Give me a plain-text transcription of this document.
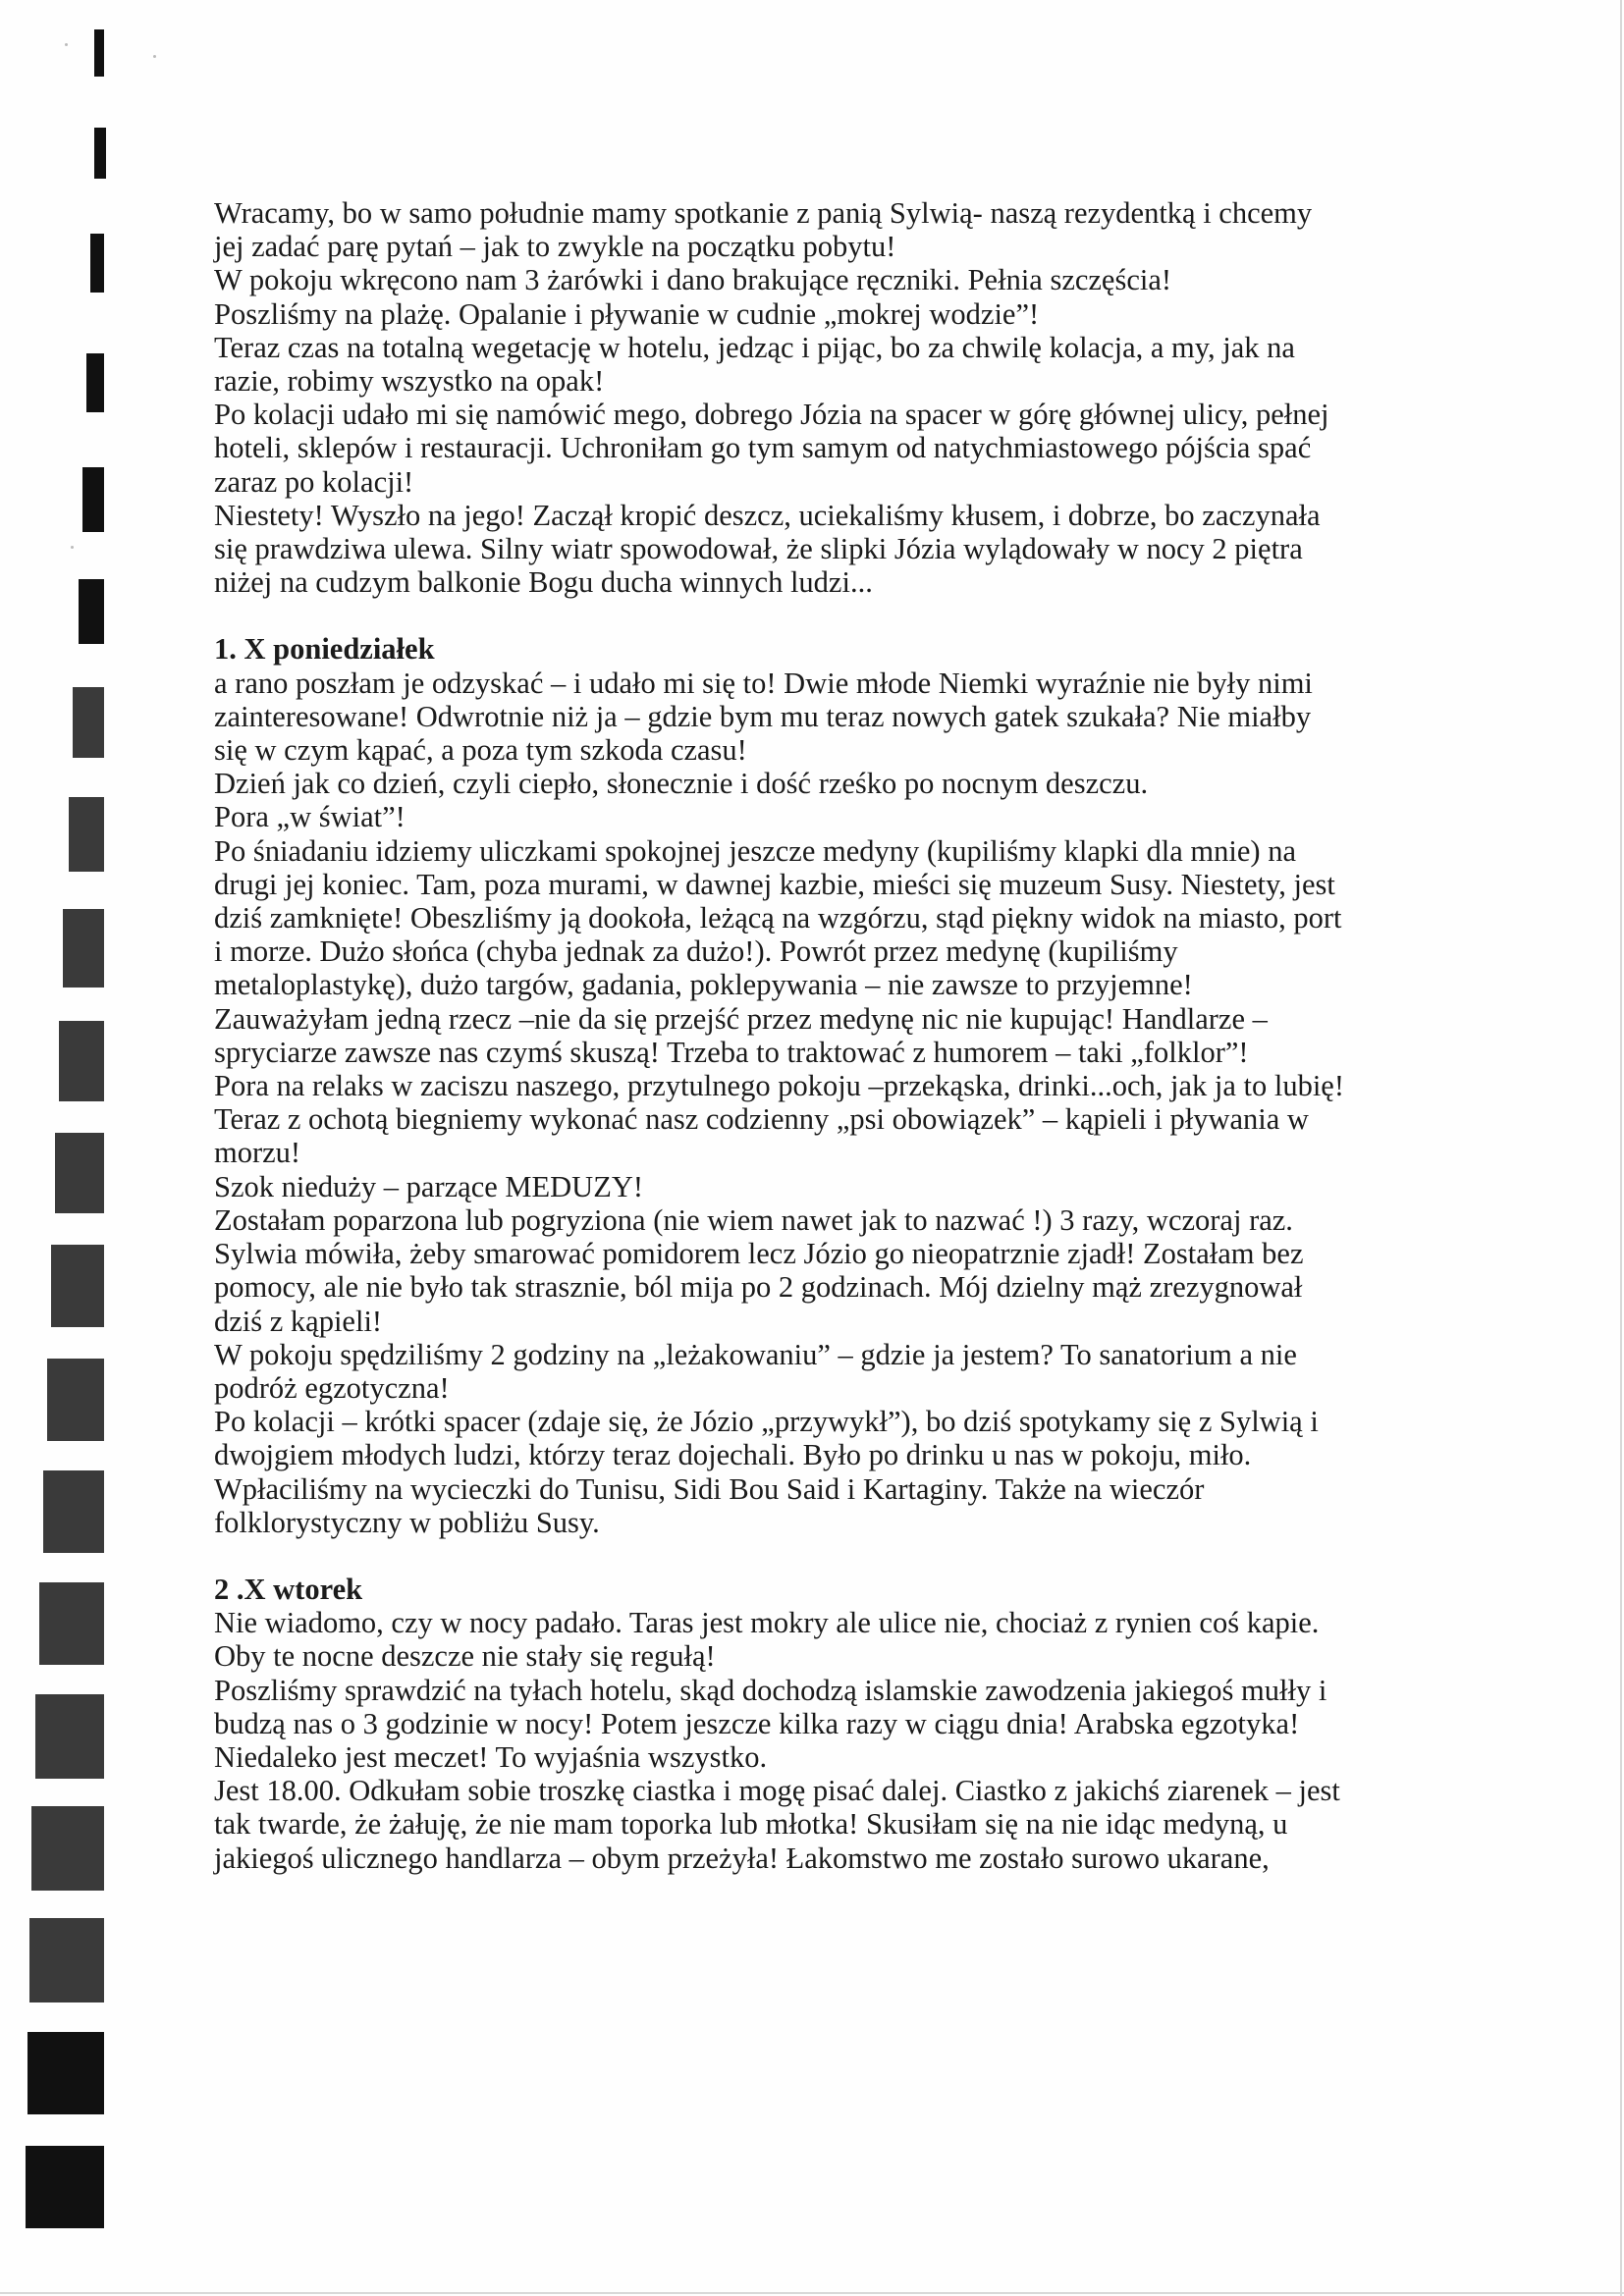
Wracamy, bo w samo południe mamy spotkanie z panią Sylwią- naszą rezydentką i chcemy

jej zadać parę pytań – jak to zwykle na początku pobytu!

W pokoju wkręcono nam 3 żarówki i dano brakujące ręczniki. Pełnia szczęścia!

Poszliśmy na plażę. Opalanie i pływanie w cudnie „mokrej wodzie”!

Teraz czas na totalną wegetację w hotelu, jedząc i pijąc, bo za chwilę kolacja, a my, jak na

razie, robimy wszystko na opak!

Po kolacji udało mi się namówić mego, dobrego Józia na spacer w górę głównej ulicy, pełnej

hoteli, sklepów i restauracji. Uchroniłam go tym samym od natychmiastowego pójścia spać

zaraz po kolacji!

Niestety! Wyszło na jego! Zaczął kropić deszcz, uciekaliśmy kłusem, i dobrze, bo zaczynała

się prawdziwa ulewa. Silny wiatr spowodował, że slipki Józia wylądowały w nocy 2 piętra

niżej na cudzym balkonie Bogu ducha winnych ludzi...

1. X poniedziałek

a rano poszłam je odzyskać – i udało mi się to! Dwie młode Niemki wyraźnie nie były nimi

zainteresowane! Odwrotnie niż ja – gdzie bym mu teraz nowych gatek szukała? Nie miałby

się w czym kąpać, a poza tym szkoda czasu!

Dzień jak co dzień, czyli ciepło, słonecznie i dość rześko po nocnym deszczu.

Pora „w świat”!

Po śniadaniu idziemy uliczkami spokojnej jeszcze medyny (kupiliśmy klapki dla mnie) na

drugi jej koniec. Tam, poza murami, w dawnej kazbie, mieści się muzeum Susy. Niestety, jest

dziś zamknięte! Obeszliśmy ją dookoła, leżącą na wzgórzu, stąd piękny widok na miasto, port

i morze. Dużo słońca (chyba jednak za dużo!). Powrót przez medynę (kupiliśmy

metaloplastykę), dużo targów, gadania, poklepywania – nie zawsze to przyjemne!

Zauważyłam jedną rzecz –nie da się przejść przez medynę nic nie kupując! Handlarze –

spryciarze zawsze nas czymś skuszą! Trzeba to traktować z humorem – taki „folklor”!

Pora na relaks w zaciszu naszego, przytulnego pokoju –przekąska, drinki...och, jak ja to lubię!

Teraz z ochotą biegniemy wykonać nasz codzienny „psi obowiązek” – kąpieli i pływania w

morzu!

Szok nieduży – parzące MEDUZY!

Zostałam poparzona lub pogryziona (nie wiem nawet jak to nazwać !) 3 razy, wczoraj raz.

Sylwia mówiła, żeby smarować pomidorem lecz Józio go nieopatrznie zjadł! Zostałam bez

pomocy, ale nie było tak strasznie, ból mija po 2 godzinach. Mój dzielny mąż zrezygnował

dziś z kąpieli!

W pokoju spędziliśmy 2 godziny na „leżakowaniu” – gdzie ja jestem? To sanatorium a nie

podróż egzotyczna!

Po kolacji – krótki spacer (zdaje się, że Józio „przywykł”), bo dziś spotykamy się z Sylwią i

dwojgiem młodych ludzi, którzy teraz dojechali. Było po drinku u nas w pokoju, miło.

Wpłaciliśmy na wycieczki do Tunisu, Sidi Bou Said i Kartaginy. Także na wieczór

folklorystyczny w pobliżu Susy.

2 .X wtorek

Nie wiadomo, czy w nocy padało. Taras jest mokry ale ulice nie, chociaż z rynien coś kapie.

Oby te nocne deszcze nie stały się regułą!

Poszliśmy sprawdzić na tyłach hotelu, skąd dochodzą islamskie zawodzenia jakiegoś mułły i

budzą nas o 3 godzinie w nocy! Potem jeszcze kilka razy w ciągu dnia! Arabska egzotyka!

Niedaleko jest meczet! To wyjaśnia wszystko.

Jest 18.00. Odkułam sobie troszkę ciastka i mogę pisać dalej. Ciastko z jakichś ziarenek – jest

tak twarde, że żałuję, że nie mam toporka lub młotka! Skusiłam się na nie idąc medyną, u

jakiegoś ulicznego handlarza – obym przeżyła! Łakomstwo me zostało surowo ukarane,
